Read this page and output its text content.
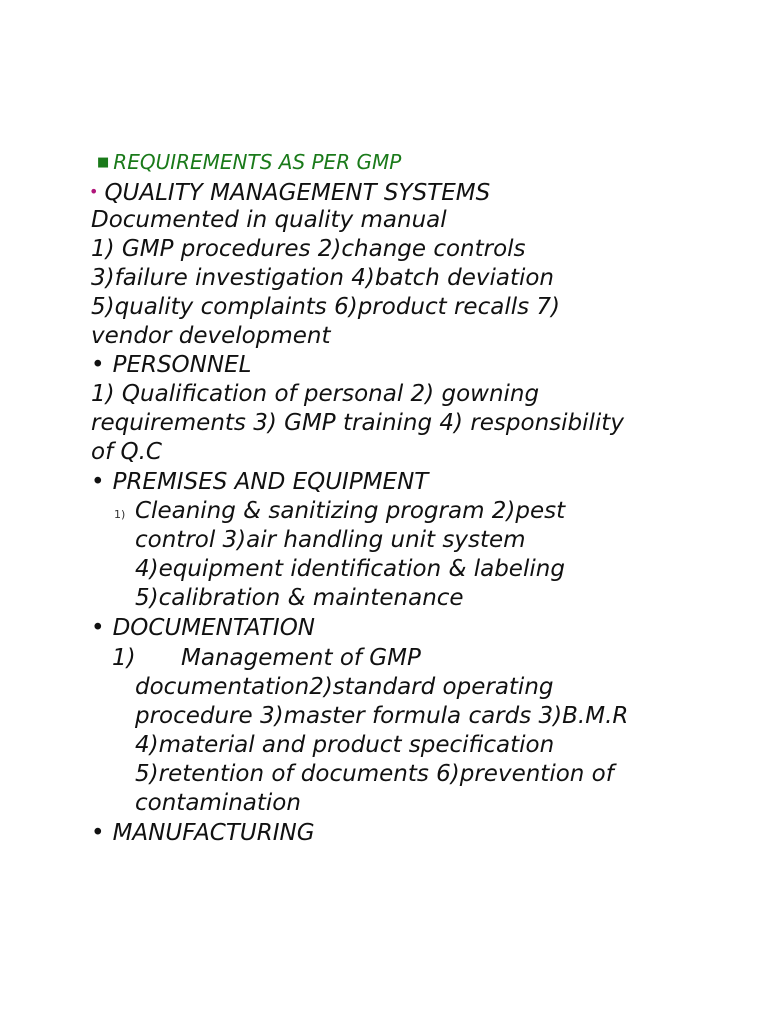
■ REQUIREMENTS AS PER GMP
• QUALITY MANAGEMENT SYSTEMS
Documented in quality manual
1) GMP procedures 2)change controls
3)failure investigation 4)batch deviation
5)quality complaints 6)product recalls 7)
vendor development
• PERSONNEL
1) Qualification of personal 2) gowning
requirements 3) GMP training 4) responsibility
of Q.C
• PREMISES AND EQUIPMENT
1) Cleaning & sanitizing program 2)pest
control 3)air handling unit system
4)equipment identification & labeling
5)calibration & maintenance
• DOCUMENTATION
1) Management of GMP
documentation2)standard operating
procedure 3)master formula cards 3)B.M.R
4)material and product specification
5)retention of documents 6)prevention of
contamination
• MANUFACTURING
